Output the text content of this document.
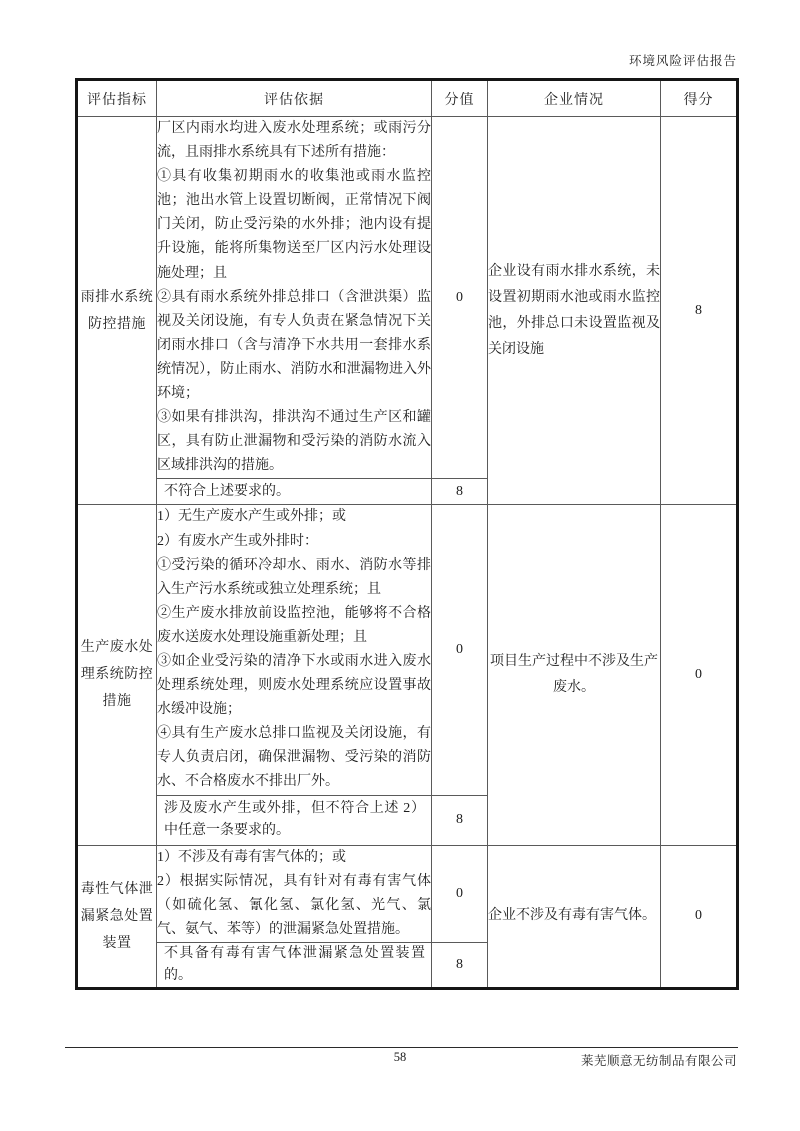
环境风险评估报告
评估指标	评估依据	分值	企业情况	得分
雨排水系统防控措施	厂区内雨水均进入废水处理系统；或雨污分流，且雨排水系统具有下述所有措施：
①具有收集初期雨水的收集池或雨水监控池；池出水管上设置切断阀，正常情况下阀门关闭，防止受污染的水外排；池内设有提升设施，能将所集物送至厂区内污水处理设施处理；且
②具有雨水系统外排总排口（含泄洪渠）监视及关闭设施，有专人负责在紧急情况下关闭雨水排口（含与清净下水共用一套排水系统情况），防止雨水、消防水和泄漏物进入外环境；
③如果有排洪沟，排洪沟不通过生产区和罐区，具有防止泄漏物和受污染的消防水流入区域排洪沟的措施。	0	企业设有雨水排水系统，未设置初期雨水池或雨水监控池，外排总口未设置监视及关闭设施	8

	不符合上述要求的。	8		
生产废水处理系统防控措施	
1）无生产废水产生或外排；或
2）有废水产生或外排时：
①受污染的循环冷却水、雨水、消防水等排入生产污水系统或独立处理系统；且
②生产废水排放前设监控池，能够将不合格废水送废水处理设施重新处理；且
③如企业受污染的清净下水或雨水进入废水处理系统处理，则废水处理系统应设置事故水缓冲设施；
④具有生产废水总排口监视及关闭设施，有专人负责启闭，确保泄漏物、受污染的消防水、不合格废水不排出厂外。
	0	项目生产过程中不涉及生产废水。	0

	涉及废水产生或外排，但不符合上述 2）中任意一条要求的。	8		
毒性气体泄漏紧急处置装置	1）不涉及有毒有害气体的；或
2）根据实际情况，具有针对有毒有害气体（如硫化氢、氰化氢、氯化氢、光气、氯气、氨气、苯等）的泄漏紧急处置措施。	0	企业不涉及有毒有害气体。	0

	不具备有毒有害气体泄漏紧急处置装置的。	8		
58	莱芜顺意无纺制品有限公司
